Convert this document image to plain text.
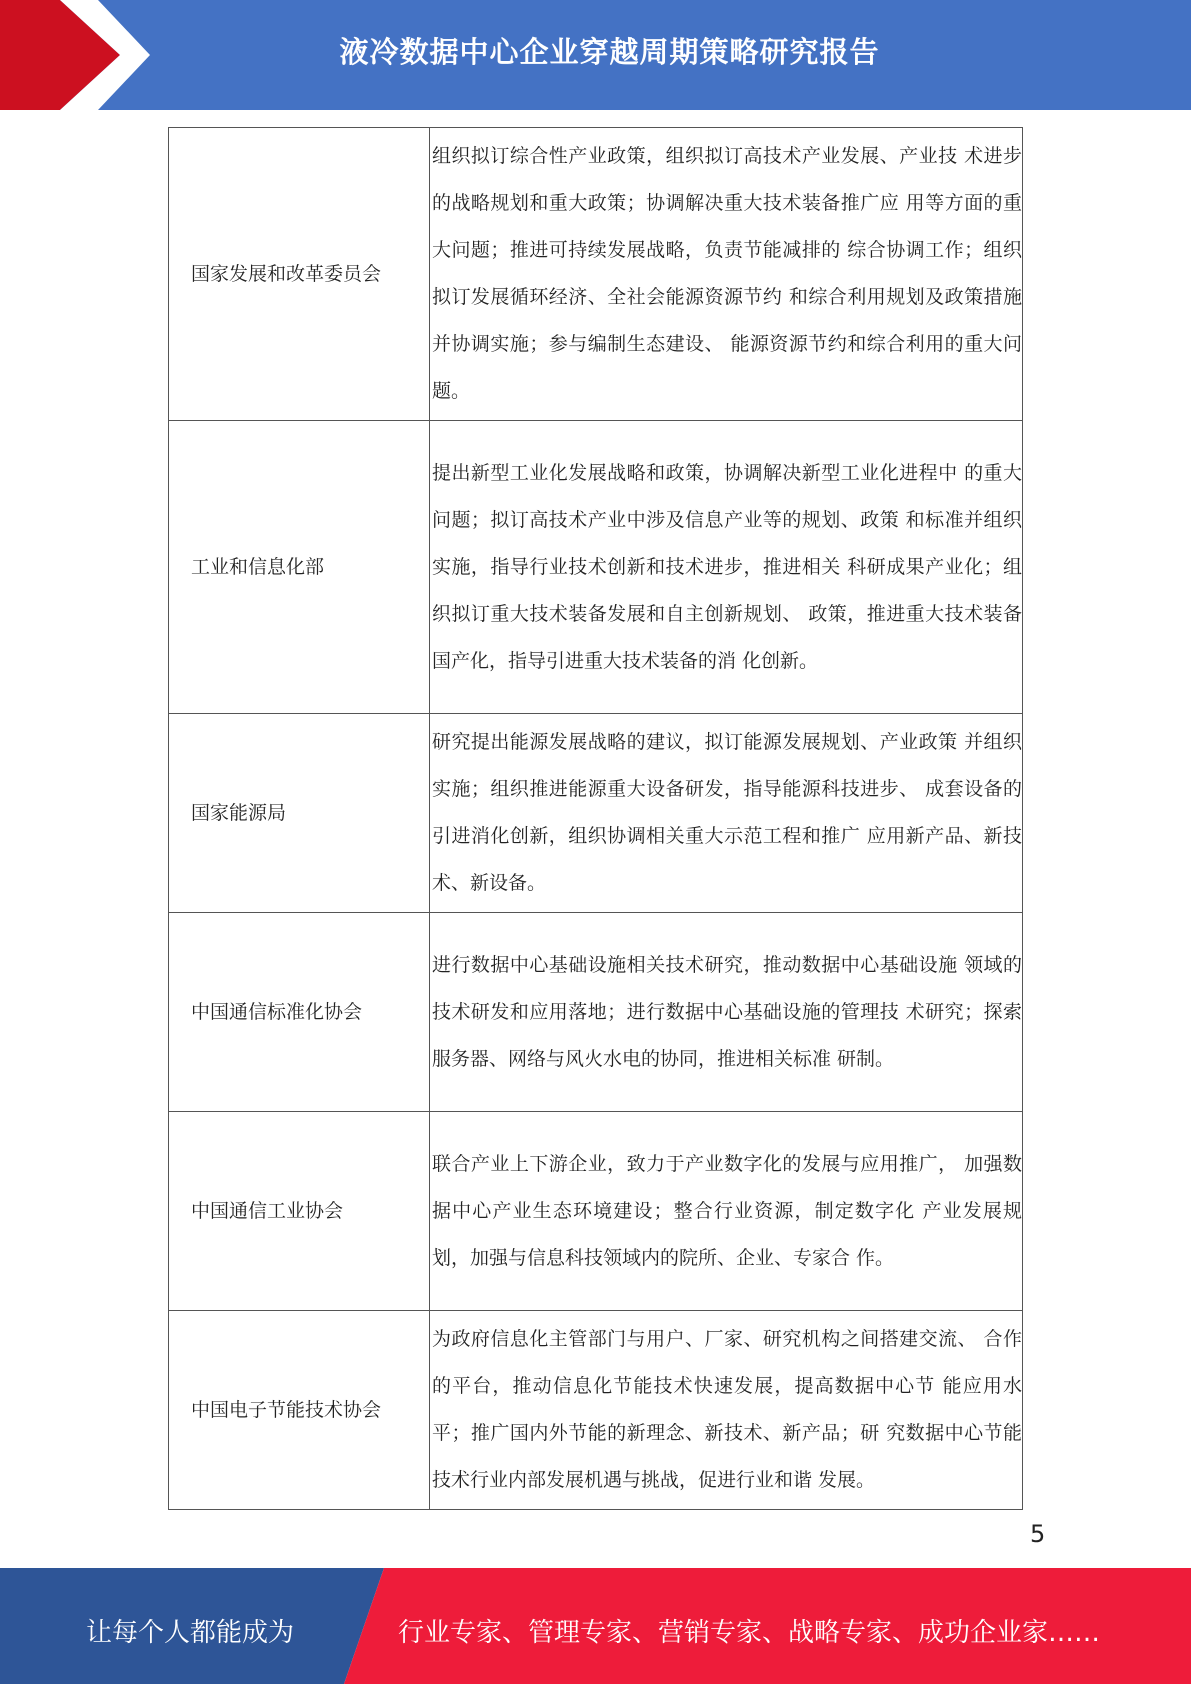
液冷数据中心企业穿越周期策略研究报告
国家发展和改革委员会	组织拟订综合性产业政策，组织拟订高技术产业发展、产业技 术进步的战略规划和重大政策；协调解决重大技术装备推广应 用等方面的重大问题；推进可持续发展战略，负责节能减排的 综合协调工作；组织拟订发展循环经济、全社会能源资源节约 和综合利用规划及政策措施并协调实施；参与编制生态建设、 能源资源节约和综合利用的重大问题。
工业和信息化部	提出新型工业化发展战略和政策，协调解决新型工业化进程中 的重大问题；拟订高技术产业中涉及信息产业等的规划、政策 和标准并组织实施，指导行业技术创新和技术进步，推进相关 科研成果产业化；组织拟订重大技术装备发展和自主创新规划、 政策，推进重大技术装备国产化，指导引进重大技术装备的消 化创新。
国家能源局	研究提出能源发展战略的建议，拟订能源发展规划、产业政策 并组织实施；组织推进能源重大设备研发，指导能源科技进步、 成套设备的引进消化创新，组织协调相关重大示范工程和推广 应用新产品、新技术、新设备。
中国通信标准化协会	进行数据中心基础设施相关技术研究，推动数据中心基础设施 领域的技术研发和应用落地；进行数据中心基础设施的管理技 术研究；探索服务器、网络与风火水电的协同，推进相关标准 研制。
中国通信工业协会	联合产业上下游企业，致力于产业数字化的发展与应用推广， 加强数据中心产业生态环境建设；整合行业资源，制定数字化 产业发展规划，加强与信息科技领域内的院所、企业、专家合 作。
中国电子节能技术协会	为政府信息化主管部门与用户、厂家、研究机构之间搭建交流、 合作的平台，推动信息化节能技术快速发展，提高数据中心节 能应用水平；推广国内外节能的新理念、新技术、新产品；研 究数据中心节能技术行业内部发展机遇与挑战，促进行业和谐 发展。
5
让每个人都能成为	行业专家、管理专家、营销专家、战略专家、成功企业家……
